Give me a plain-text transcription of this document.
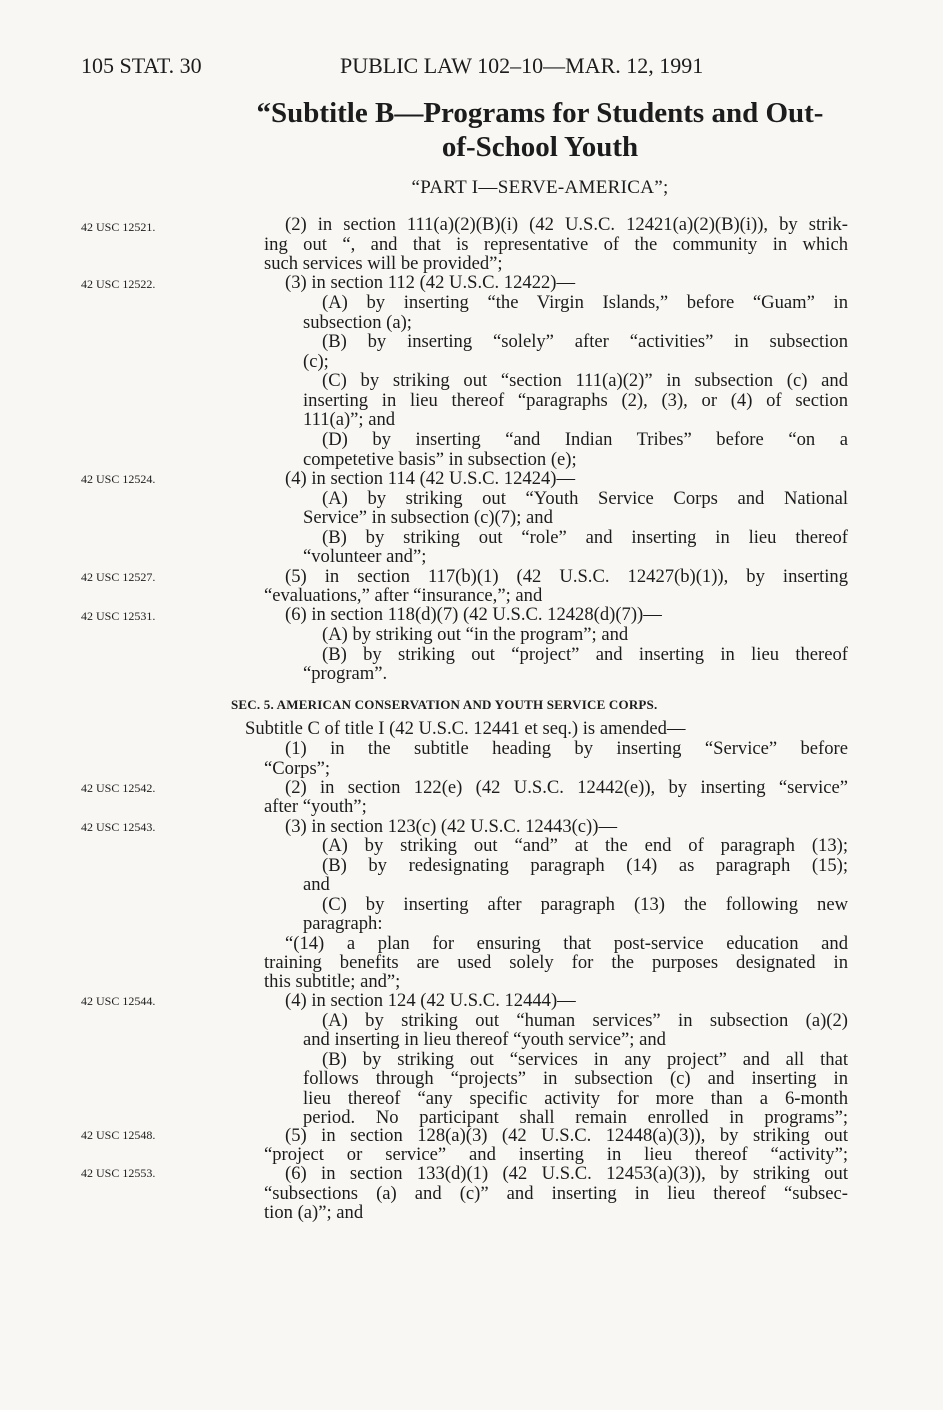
105 STAT. 30	PUBLIC LAW 102–10—MAR. 12, 1991
“Subtitle B—Programs for Students and Out-
of-School Youth
“PART I—SERVE-AMERICA”;
42 USC 12521.
42 USC 12522.
42 USC 12524.
42 USC 12527.
42 USC 12531.
42 USC 12542.
42 USC 12543.
42 USC 12544.
42 USC 12548.
42 USC 12553.
(2) in section 111(a)(2)(B)(i) (42 U.S.C. 12421(a)(2)(B)(i)), by strik-
ing out “, and that is representative of the community in which
such services will be provided”;
(3) in section 112 (42 U.S.C. 12422)—
(A) by inserting “the Virgin Islands,” before “Guam” in
subsection (a);
(B) by inserting “solely” after “activities” in subsection
(c);
(C) by striking out “section 111(a)(2)” in subsection (c) and
inserting in lieu thereof “paragraphs (2), (3), or (4) of section
111(a)”; and
(D) by inserting “and Indian Tribes” before “on a
competetive basis” in subsection (e);
(4) in section 114 (42 U.S.C. 12424)—
(A) by striking out “Youth Service Corps and National
Service” in subsection (c)(7); and
(B) by striking out “role” and inserting in lieu thereof
“volunteer and”;
(5) in section 117(b)(1) (42 U.S.C. 12427(b)(1)), by inserting
“evaluations,” after “insurance,”; and
(6) in section 118(d)(7) (42 U.S.C. 12428(d)(7))—
(A) by striking out “in the program”; and
(B) by striking out “project” and inserting in lieu thereof
“program”.
SEC. 5. AMERICAN CONSERVATION AND YOUTH SERVICE CORPS.
Subtitle C of title I (42 U.S.C. 12441 et seq.) is amended—
(1) in the subtitle heading by inserting “Service” before
“Corps”;
(2) in section 122(e) (42 U.S.C. 12442(e)), by inserting “service”
after “youth”;
(3) in section 123(c) (42 U.S.C. 12443(c))—
(A) by striking out “and” at the end of paragraph (13);
(B) by redesignating paragraph (14) as paragraph (15);
and
(C) by inserting after paragraph (13) the following new
paragraph:
“(14) a plan for ensuring that post-service education and
training benefits are used solely for the purposes designated in
this subtitle; and”;
(4) in section 124 (42 U.S.C. 12444)—
(A) by striking out “human services” in subsection (a)(2)
and inserting in lieu thereof “youth service”; and
(B) by striking out “services in any project” and all that
follows through “projects” in subsection (c) and inserting in
lieu thereof “any specific activity for more than a 6-month
period. No participant shall remain enrolled in programs”;
(5) in section 128(a)(3) (42 U.S.C. 12448(a)(3)), by striking out
“project or service” and inserting in lieu thereof “activity”;
(6) in section 133(d)(1) (42 U.S.C. 12453(a)(3)), by striking out
“subsections (a) and (c)” and inserting in lieu thereof “subsec-
tion (a)”; and
